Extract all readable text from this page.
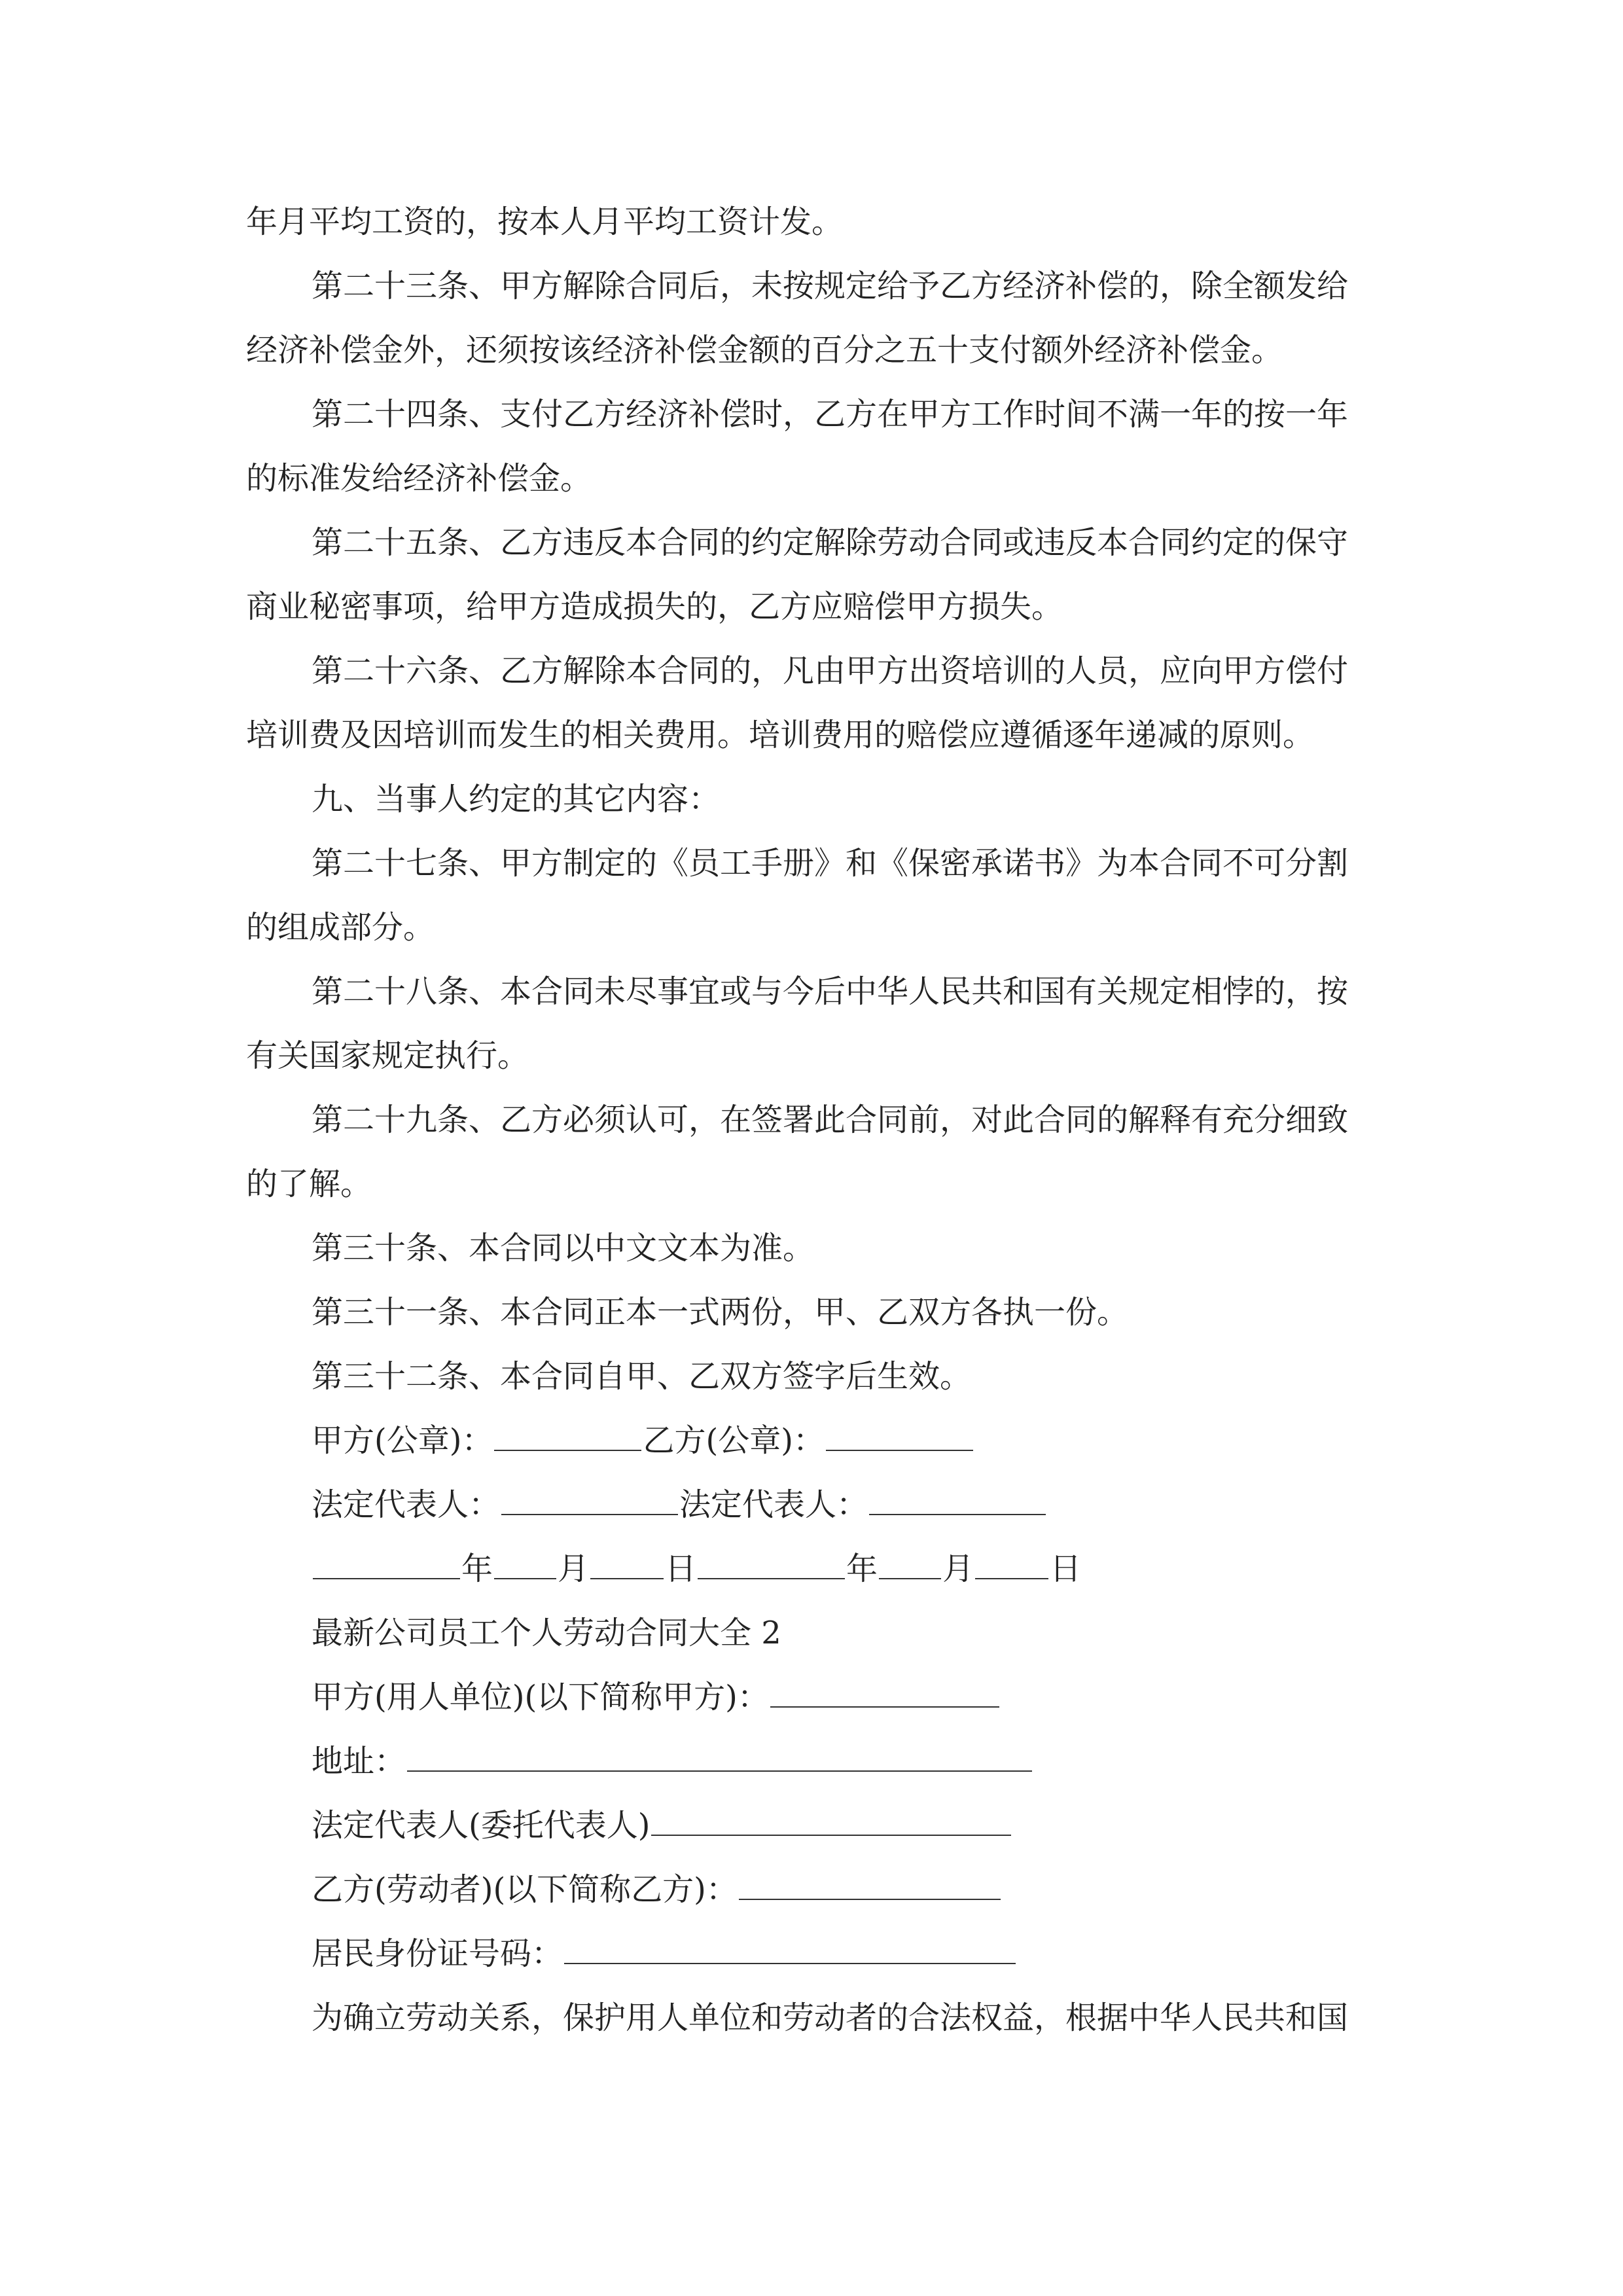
年月平均工资的，按本人月平均工资计发。
第二十三条、甲方解除合同后，未按规定给予乙方经济补偿的，除全额发给
经济补偿金外，还须按该经济补偿金额的百分之五十支付额外经济补偿金。
第二十四条、支付乙方经济补偿时，乙方在甲方工作时间不满一年的按一年
的标准发给经济补偿金。
第二十五条、乙方违反本合同的约定解除劳动合同或违反本合同约定的保守
商业秘密事项，给甲方造成损失的，乙方应赔偿甲方损失。
第二十六条、乙方解除本合同的，凡由甲方出资培训的人员，应向甲方偿付
培训费及因培训而发生的相关费用。培训费用的赔偿应遵循逐年递减的原则。
九、当事人约定的其它内容：
第二十七条、甲方制定的《员工手册》和《保密承诺书》为本合同不可分割
的组成部分。
第二十八条、本合同未尽事宜或与今后中华人民共和国有关规定相悖的，按
有关国家规定执行。
第二十九条、乙方必须认可，在签署此合同前，对此合同的解释有充分细致
的了解。
第三十条、本合同以中文文本为准。
第三十一条、本合同正本一式两份，甲、乙双方各执一份。
第三十二条、本合同自甲、乙双方签字后生效。
甲方(公章)：	乙方(公章)：
法定代表人：	法定代表人：
年 月 日	年 月 日
最新公司员工个人劳动合同大全 2
甲方(用人单位)(以下简称甲方)：
地址：
法定代表人(委托代表人)
乙方(劳动者)(以下简称乙方)：
居民身份证号码：
为确立劳动关系，保护用人单位和劳动者的合法权益，根据中华人民共和国
